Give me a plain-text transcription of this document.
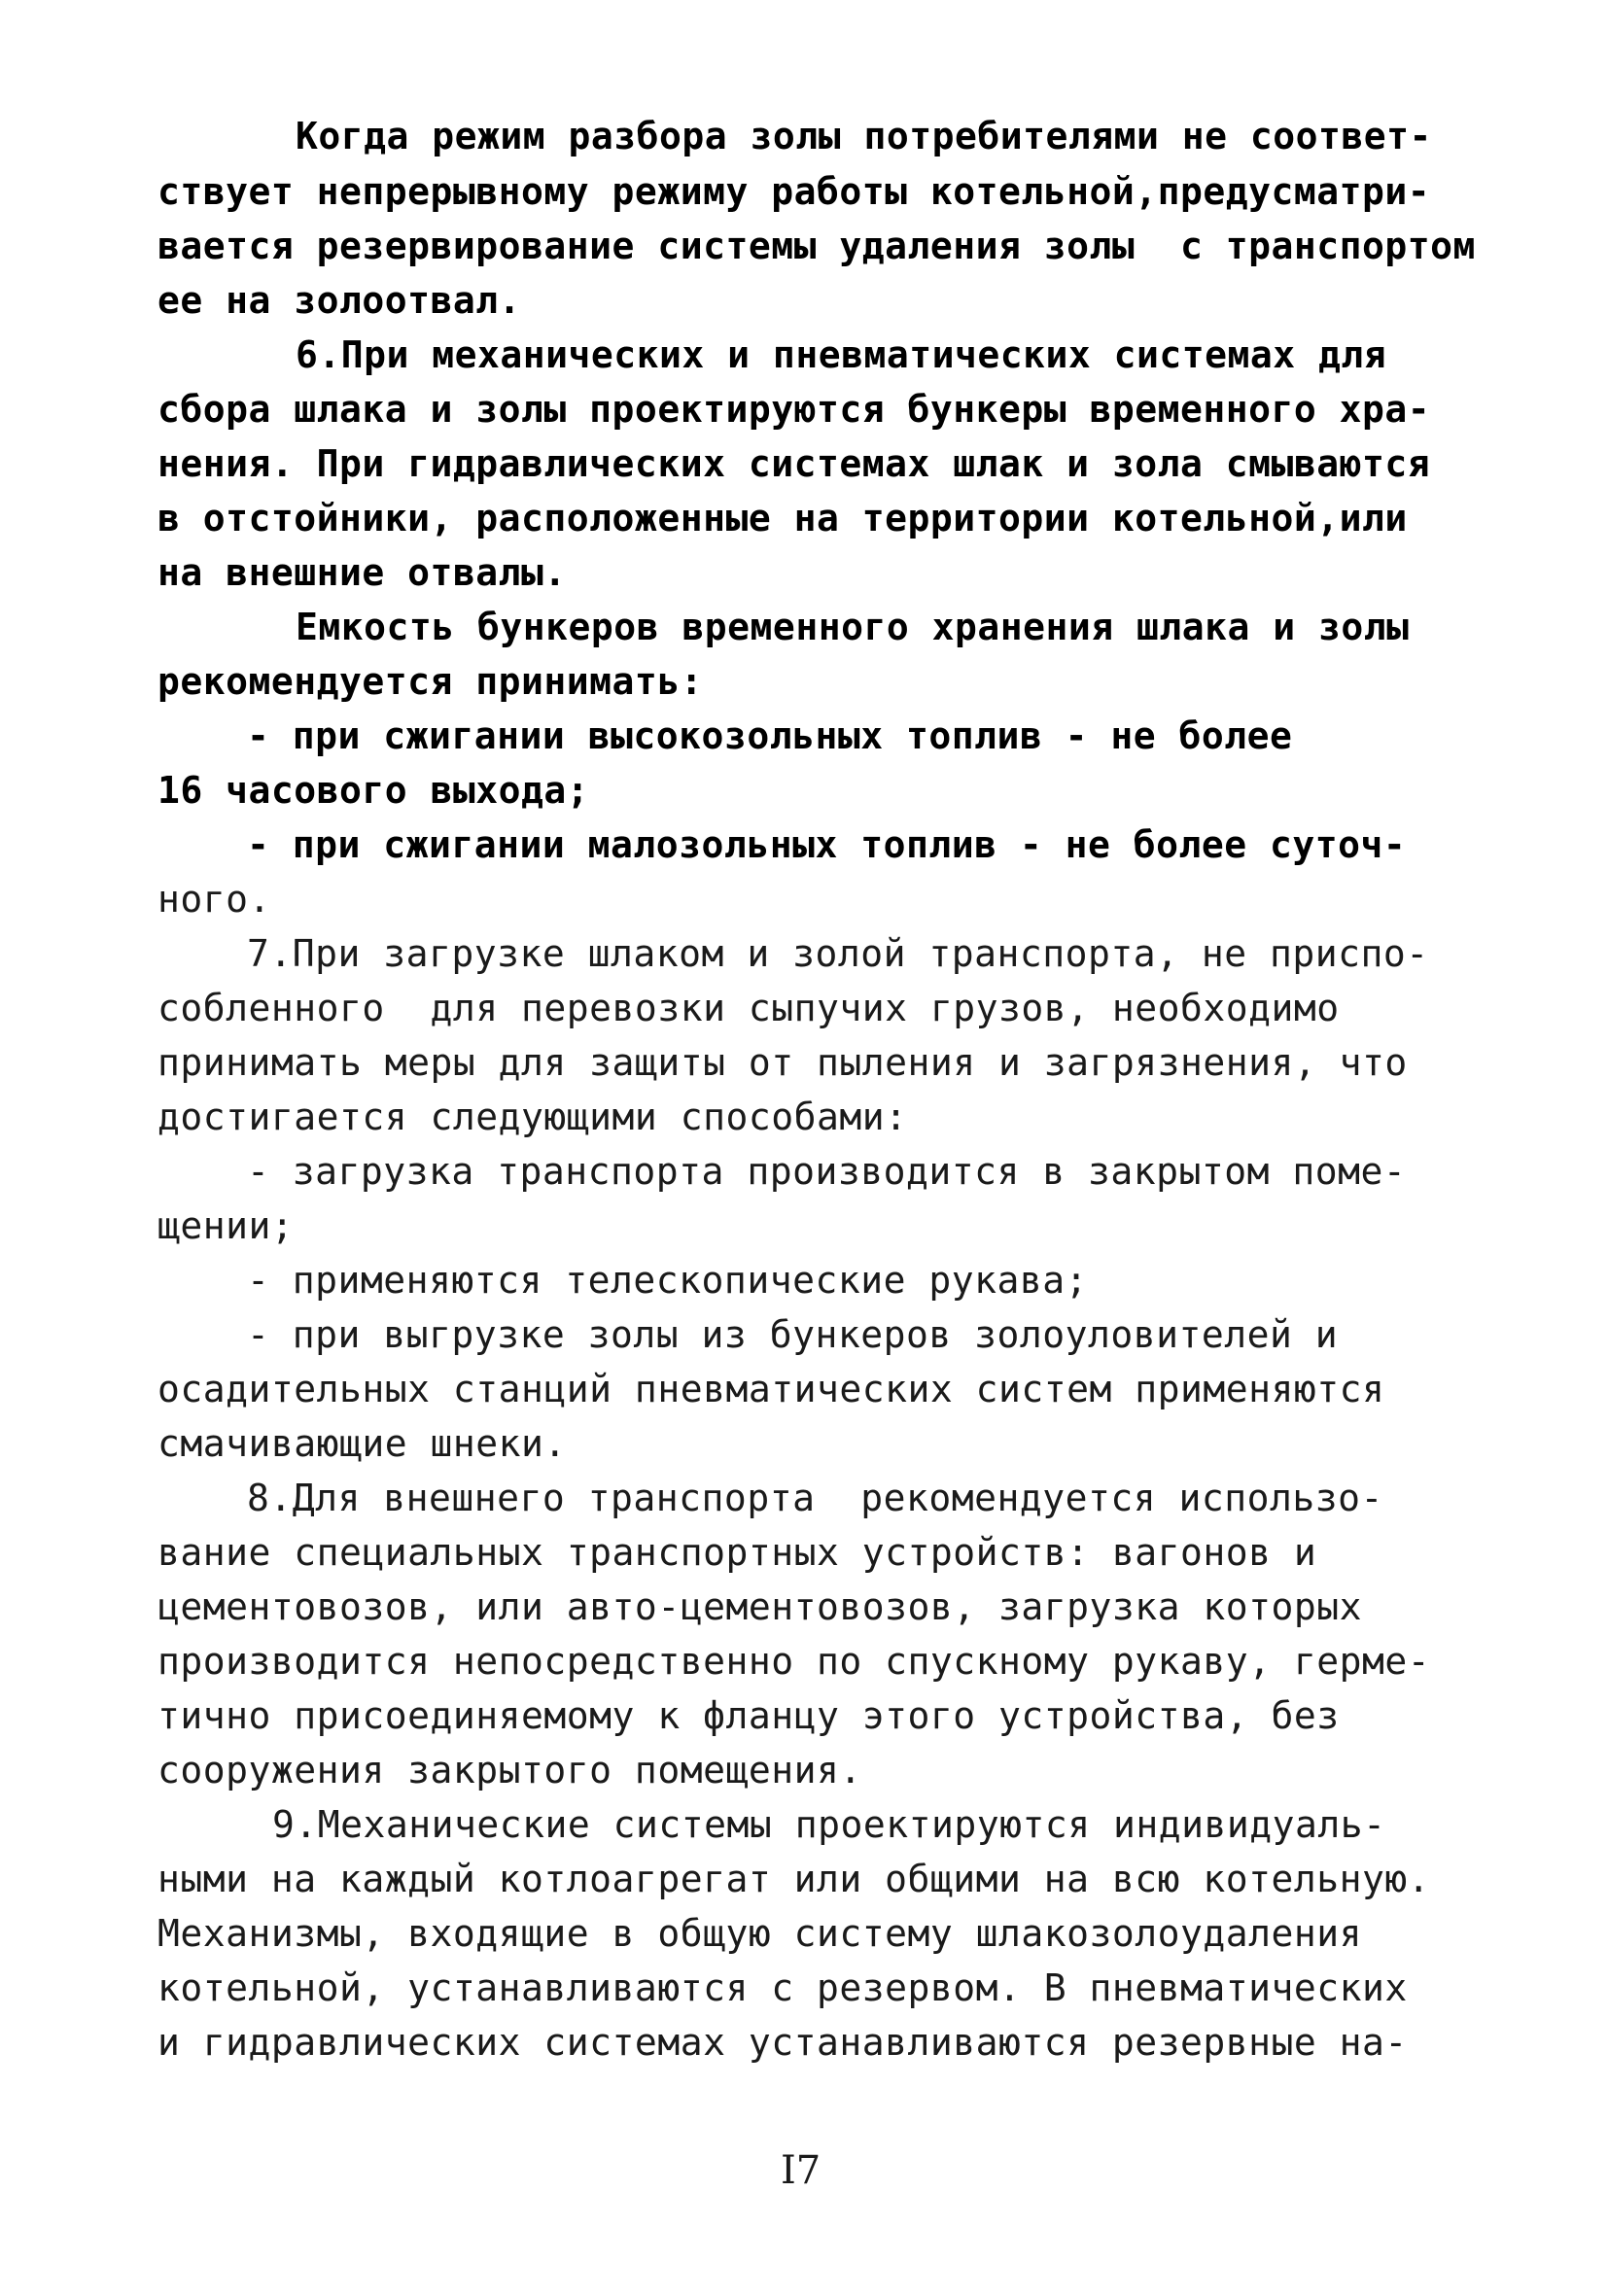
Когда режим разбора золы потребителями не соответ-

ствует непрерывному режиму работы котельной,предусматри-

вается резервирование системы удаления золы  с транспортом

ее на золоотвал.

6.При механических и пневматических системах для

сбора шлака и золы проектируются бункеры временного хра-

нения. При гидравлических системах шлак и зола смываются

в отстойники, расположенные на территории котельной,или

на внешние отвалы.

Емкость бункеров временного хранения шлака и золы

рекомендуется принимать:

- при сжигании высокозольных топлив - не более

16 часового выхода;

- при сжигании малозольных топлив - не более суточ-

ного.

7.При загрузке шлаком и золой транспорта, не приспо-

собленного  для перевозки сыпучих грузов, необходимо

принимать меры для защиты от пыления и загрязнения, что

достигается следующими способами:

- загрузка транспорта производится в закрытом поме-

щении;

- применяются телескопические рукава;

- при выгрузке золы из бункеров золоуловителей и

осадительных станций пневматических систем применяются

смачивающие шнеки.

8.Для внешнего транспорта  рекомендуется использо-

вание специальных транспортных устройств: вагонов и

цементовозов, или авто-цементовозов, загрузка которых

производится непосредственно по спускному рукаву, герме-

тично присоединяемому к фланцу этого устройства, без

сооружения закрытого помещения.

9.Механические системы проектируются индивидуаль-

ными на каждый котлоагрегат или общими на всю котельную.

Механизмы, входящие в общую систему шлакозолоудаления

котельной, устанавливаются с резервом. В пневматических

и гидравлических системах устанавливаются резервные на-

I7
